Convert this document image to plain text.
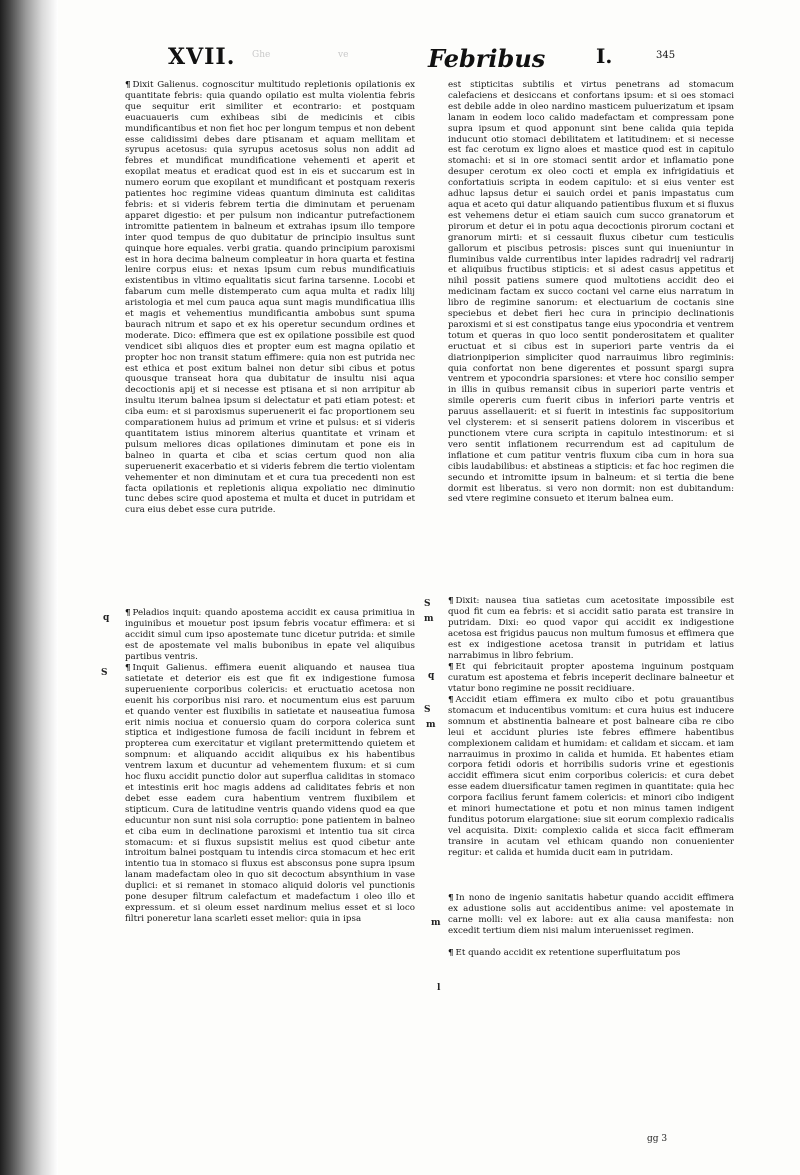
Ghe	ve
XVII.	Febribus	I.	345

¶ Dixit Galienus. cognoscitur multitudo repletionis opilationis ex quantitate febris: quia quando opilatio est multa violentia febris que sequitur erit similiter et econtrario: et postquam euacuaueris cum exhibeas sibi de medicinis et cibis mundificantibus et non fiet hoc per longum tempus et non debent esse calidissimi debes dare ptisanam et aquam mellitam et syrupus acetosus: quia syrupus acetosus solus non addit ad febres et mundificat mundificatione vehementi et aperit et exopilat meatus et eradicat quod est in eis et succarum est in numero eorum que exopilant et mundificant et postquam rexeris patientes hoc regimine videas quantum diminuta est caliditas febris: et si videris febrem tertia die diminutam et peruenam apparet digestio: et per pulsum non indicantur putrefactionem intromitte patientem in balneum et extrahas ipsum illo tempore inter quod tempus de quo dubitatur de principio insultus sunt quinque hore equales. verbi gratia. quando principium paroxismi est in hora decima balneum compleatur in hora quarta et festina lenire corpus eius: et nexas ipsum cum rebus mundificatiuis existentibus in vltimo equalitatis sicut farina tarsenne. Locobi et fabarum cum melle distemperato cum aqua multa et radix lilij aristologia et mel cum pauca aqua sunt magis mundificatiua illis et magis et vehementius mundificantia ambobus sunt spuma baurach nitrum et sapo et ex his operetur secundum ordines et moderate. Dico: effimera que est ex opilatione possibile est quod vendicet sibi aliquos dies et propter eum est magna opilatio et propter hoc non transit statum effimere: quia non est putrida nec est ethica et post exitum balnei non detur sibi cibus et potus quousque transeat hora qua dubitatur de insultu nisi aqua decoctionis apij et si necesse est ptisana et si non arripitur ab insultu iterum balnea ipsum si delectatur et pati etiam potest: et ciba eum: et si paroxismus superuenerit ei fac proportionem seu comparationem huius ad primum et vrine et pulsus: et si videris quantitatem istius minorem alterius quantitate et vrinam et pulsum meliores dicas opilationes diminutam et pone eis in balneo in quarta et ciba et scias certum quod non alia superuenerit exacerbatio et si videris febrem die tertio violentam vehementer et non diminutam et et cura tua precedenti non est facta opilationis et repletionis aliqua expoliatio nec diminutio tunc debes scire quod apostema et multa et ducet in putridam et cura eius debet esse cura putride.

¶ Peladios inquit: quando apostema accidit ex causa primitiua in inguinibus et mouetur post ipsum febris vocatur effimera: et si accidit simul cum ipso apostemate tunc dicetur putrida: et simile est de apostemate vel malis bubonibus in epate vel aliquibus partibus ventris.

¶ Inquit Galienus. effimera euenit aliquando et nausea tiua satietate et deterior eis est que fit ex indigestione fumosa superueniente corporibus colericis: et eructuatio acetosa non euenit his corporibus nisi raro. et nocumentum eius est paruum et quando venter est fluxibilis in satietate et nauseatiua fumosa erit nimis nociua et conuersio quam do corpora colerica sunt stiptica et indigestione fumosa de facili incidunt in febrem et propterea cum exercitatur et vigilant pretermittendo quietem et sompnum: et aliquando accidit aliquibus ex his habentibus ventrem laxum et ducuntur ad vehementem fluxum: et si cum hoc fluxu accidit punctio dolor aut superflua caliditas in stomaco et intestinis erit hoc magis addens ad caliditates febris et non debet esse eadem cura habentium ventrem fluxibilem et stipticum. Cura de latitudine ventris quando videns quod ea que educuntur non sunt nisi sola corruptio: pone patientem in balneo et ciba eum in declinatione paroxismi et intentio tua sit circa stomacum: et si fluxus supsistit melius est quod cibetur ante introitum balnei postquam tu intendis circa stomacum et hec erit intentio tua in stomaco si fluxus est absconsus pone supra ipsum lanam madefactam oleo in quo sit decoctum absynthium in vase duplici: et si remanet in stomaco aliquid doloris vel punctionis pone desuper filtrum calefactum et madefactum i oleo illo et expressum. et si oleum esset nardinum melius esset et si loco filtri poneretur lana scarleti esset melior: quia in ipsa

q
S

est stipticitas subtilis et virtus penetrans ad stomacum calefaciens et desiccans et confortans ipsum: et si oes stomaci est debile adde in oleo nardino masticem puluerizatum et ipsam lanam in eodem loco calido madefactam et compressam pone supra ipsum et quod apponunt sint bene calida quia tepida inducunt otio stomaci debilitatem et latitudinem: et si necesse est fac cerotum ex ligno aloes et mastice quod est in capitulo stomachi: et si in ore stomaci sentit ardor et inflamatio pone desuper cerotum ex oleo cocti et empla ex infrigidatiuis et confortatiuis scripta in eodem capitulo: et si eius venter est adhuc lapsus detur ei sauich ordei et panis impastatus cum aqua et aceto qui datur aliquando patientibus fluxum et si fluxus est vehemens detur ei etiam sauich cum succo granatorum et pirorum et detur ei in potu aqua decoctionis pirorum coctani et granorum mirti: et si cessauit fluxus cibetur cum testiculis gallorum et piscibus petrosis: pisces sunt qui inueniuntur in fluminibus valde currentibus inter lapides radradrij vel radrarij et aliquibus fructibus stipticis: et si adest casus appetitus et nihil possit patiens sumere quod multotiens accidit deo ei medicinam factam ex succo coctani vel carne eius narratum in libro de regimine sanorum: et electuarium de coctanis sine speciebus et debet fieri hec cura in principio declinationis paroxismi et si est constipatus tange eius ypocondria et ventrem totum et queras in quo loco sentit ponderositatem et qualiter eructuat et si cibus est in superiori parte ventris da ei diatrionpiperion simpliciter quod narrauimus libro regiminis: quia confortat non bene digerentes et possunt spargi supra ventrem et ypocondria sparsiones: et vtere hoc consilio semper in illis in quibus remansit cibus in superiori parte ventris et simile opereris cum fuerit cibus in inferiori parte ventris et paruus assellauerit: et si fuerit in intestinis fac suppositorium vel clysterem: et si senserit patiens dolorem in visceribus et punctionem vtere cura scripta in capitulo intestinorum: et si vero sentit inflationem recurrendum est ad capitulum de inflatione et cum patitur ventris fluxum ciba cum in hora sua cibis laudabilibus: et abstineas a stipticis: et fac hoc regimen die secundo et intromitte ipsum in balneum: et si tertia die bene dormit est liberatus. si vero non dormit: non est dubitandum: sed vtere regimine consueto et iterum balnea eum.

¶ Dixit: nausea tiua satietas cum acetositate impossibile est quod fit cum ea febris: et si accidit satio parata est transire in putridam. Dixi: eo quod vapor qui accidit ex indigestione acetosa est frigidus paucus non multum fumosus et effimera que est ex indigestione acetosa transit in putridam et latius narrabimus in libro febrium.

¶ Et qui febricitauit propter apostema inguinum postquam curatum est apostema et febris inceperit declinare balneetur et vtatur bono regimine ne possit recidiuare.

¶ Accidit etiam effimera ex multo cibo et potu grauantibus stomacum et inducentibus vomitum: et cura huius est inducere somnum et abstinentia balneare et post balneare ciba re cibo leui et accidunt pluries iste febres effimere habentibus complexionem calidam et humidam: et calidam et siccam. et iam narrauimus in proximo in calida et humida. Et habentes etiam corpora fetidi odoris et horribilis sudoris vrine et egestionis accidit effimera sicut enim corporibus colericis: et cura debet esse eadem diuersificatur tamen regimen in quantitate: quia hec corpora facilius ferunt famem colericis: et minori cibo indigent et minori humectatione et potu et non minus tamen indigent funditus potorum elargatione: siue sit eorum complexio radicalis vel acquisita. Dixit: complexio calida et sicca facit effimeram transire in acutam vel ethicam quando non conuenienter regitur: et calida et humida ducit eam in putridam.

¶ In nono de ingenio sanitatis habetur quando accidit effimera ex adustione solis aut accidentibus anime: vel apostemate in carne molli: vel ex labore: aut ex alia causa manifesta: non excedit tertium diem nisi malum interuenisset regimen.

¶ Et quando accidit ex retentione superfluitatum pos

S
m
q
S
m
m
l
gg 3
